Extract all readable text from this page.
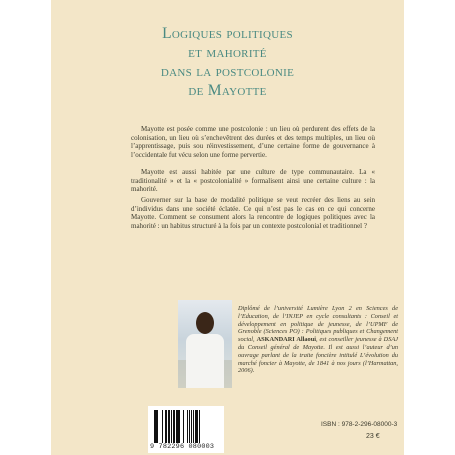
Logiques politiques
et mahorité
dans la postcolonie
de Mayotte
Mayotte est posée comme une postcolonie : un lieu où perdurent des effets de la colonisation, un lieu où s’enchevêtrent des durées et des temps multiples, un lieu où l’apprentissage, puis sou réinvestissement, d’une certaine forme de gouvernance à l’occidentale fut vécu selon une forme pervertie.
Mayotte est aussi habitée par une culture de type communautaire. La « traditionalité » et la « postcolonialité » formalisent ainsi une certaine culture : la mahorité.
Gouverner sur la base de modalité politique se veut recréer des liens au sein d’individus dans une société éclatée. Ce qui n’est pas le cas en ce qui concerne Mayotte. Comment se consument alors la rencontre de logiques politiques avec la mahorité : un habitus structuré à la fois par un contexte postcolonial et traditionnel ?
Diplômé de l’université Lumière Lyon 2 en Sciences de l’Education, de l’INJEP en cycle consultants : Conseil et développement en politique de jeunesse, de l’UPMF de Grenoble (Sciences PO) : Politiques publiques et Changement social, ASKANDARI Allaoui, est conseiller jeunesse à DSAJ du Conseil général de Mayotte. Il est aussi l’auteur d’un ouvrage parlant de la traite foncière intitulé L’évolution du marché foncier à Mayotte, de 1841 à nos jours (l’Harmattan, 2006).
ISBN : 978-2-296-08000-3
23 €
9 782296 080003
